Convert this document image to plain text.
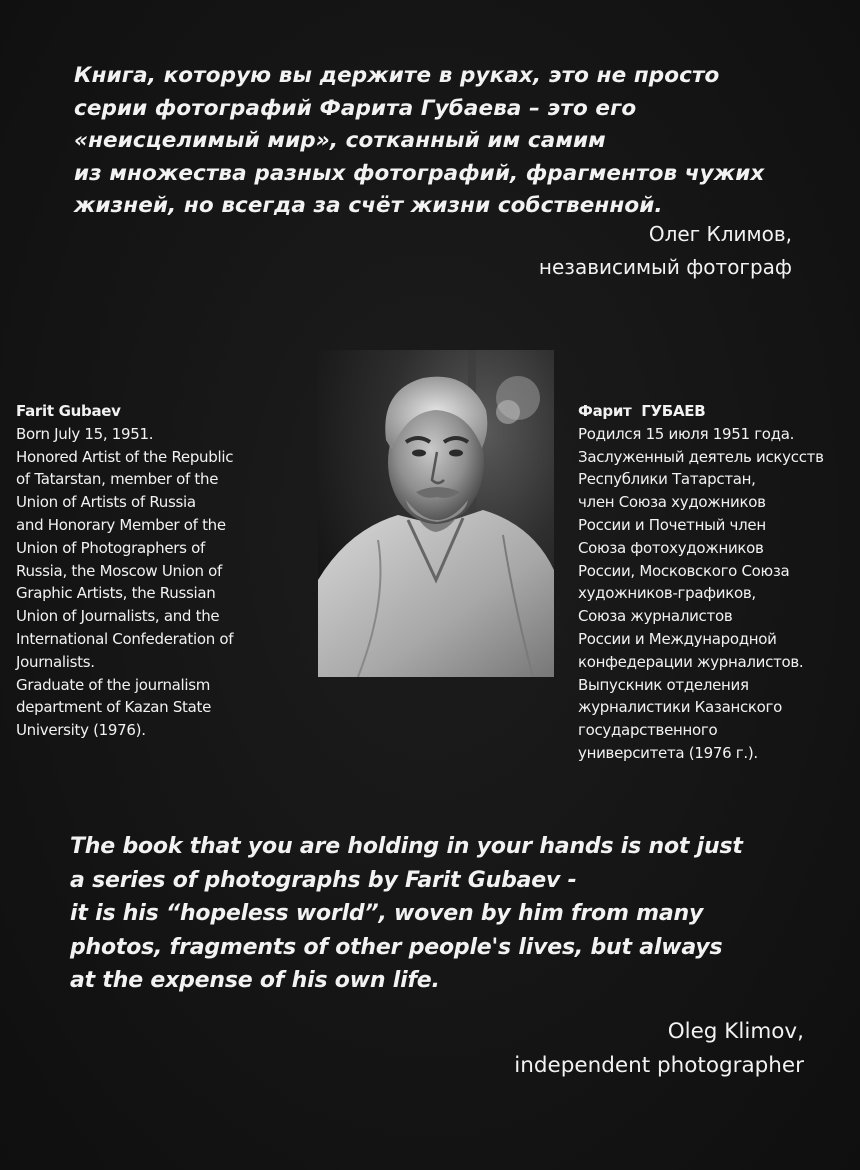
Книга, которую вы держите в руках, это не просто
серии фотографий Фарита Губаева – это его
«неисцелимый мир», сотканный им самим
из множества разных фотографий, фрагментов чужих
жизней, но всегда за счёт жизни собственной.
Олег Климов,
независимый фотограф
Farit Gubaev
Born July 15, 1951.
Honored Artist of the Republic
of Tatarstan, member of the
Union of Artists of Russia
and Honorary Member of the
Union of Photographers of
Russia, the Moscow Union of
Graphic Artists, the Russian
Union of Journalists, and the
International Confederation of
Journalists.
Graduate of the journalism
department of Kazan State
University (1976).
Фарит  ГУБАЕВ
Родился 15 июля 1951 года.
Заслуженный деятель искусств
Республики Татарстан,
член Союза художников
России и Почетный член
Союза фотохудожников
России, Московского Союза
художников-графиков,
Союза журналистов
России и Международной
конфедерации журналистов.
Выпускник отделения
журналистики Казанского
государственного
университета (1976 г.).
The book that you are holding in your hands is not just
a series of photographs by Farit Gubaev -
it is his “hopeless world”, woven by him from many
photos, fragments of other people's lives, but always
at the expense of his own life.
Oleg Klimov,
independent photographer
